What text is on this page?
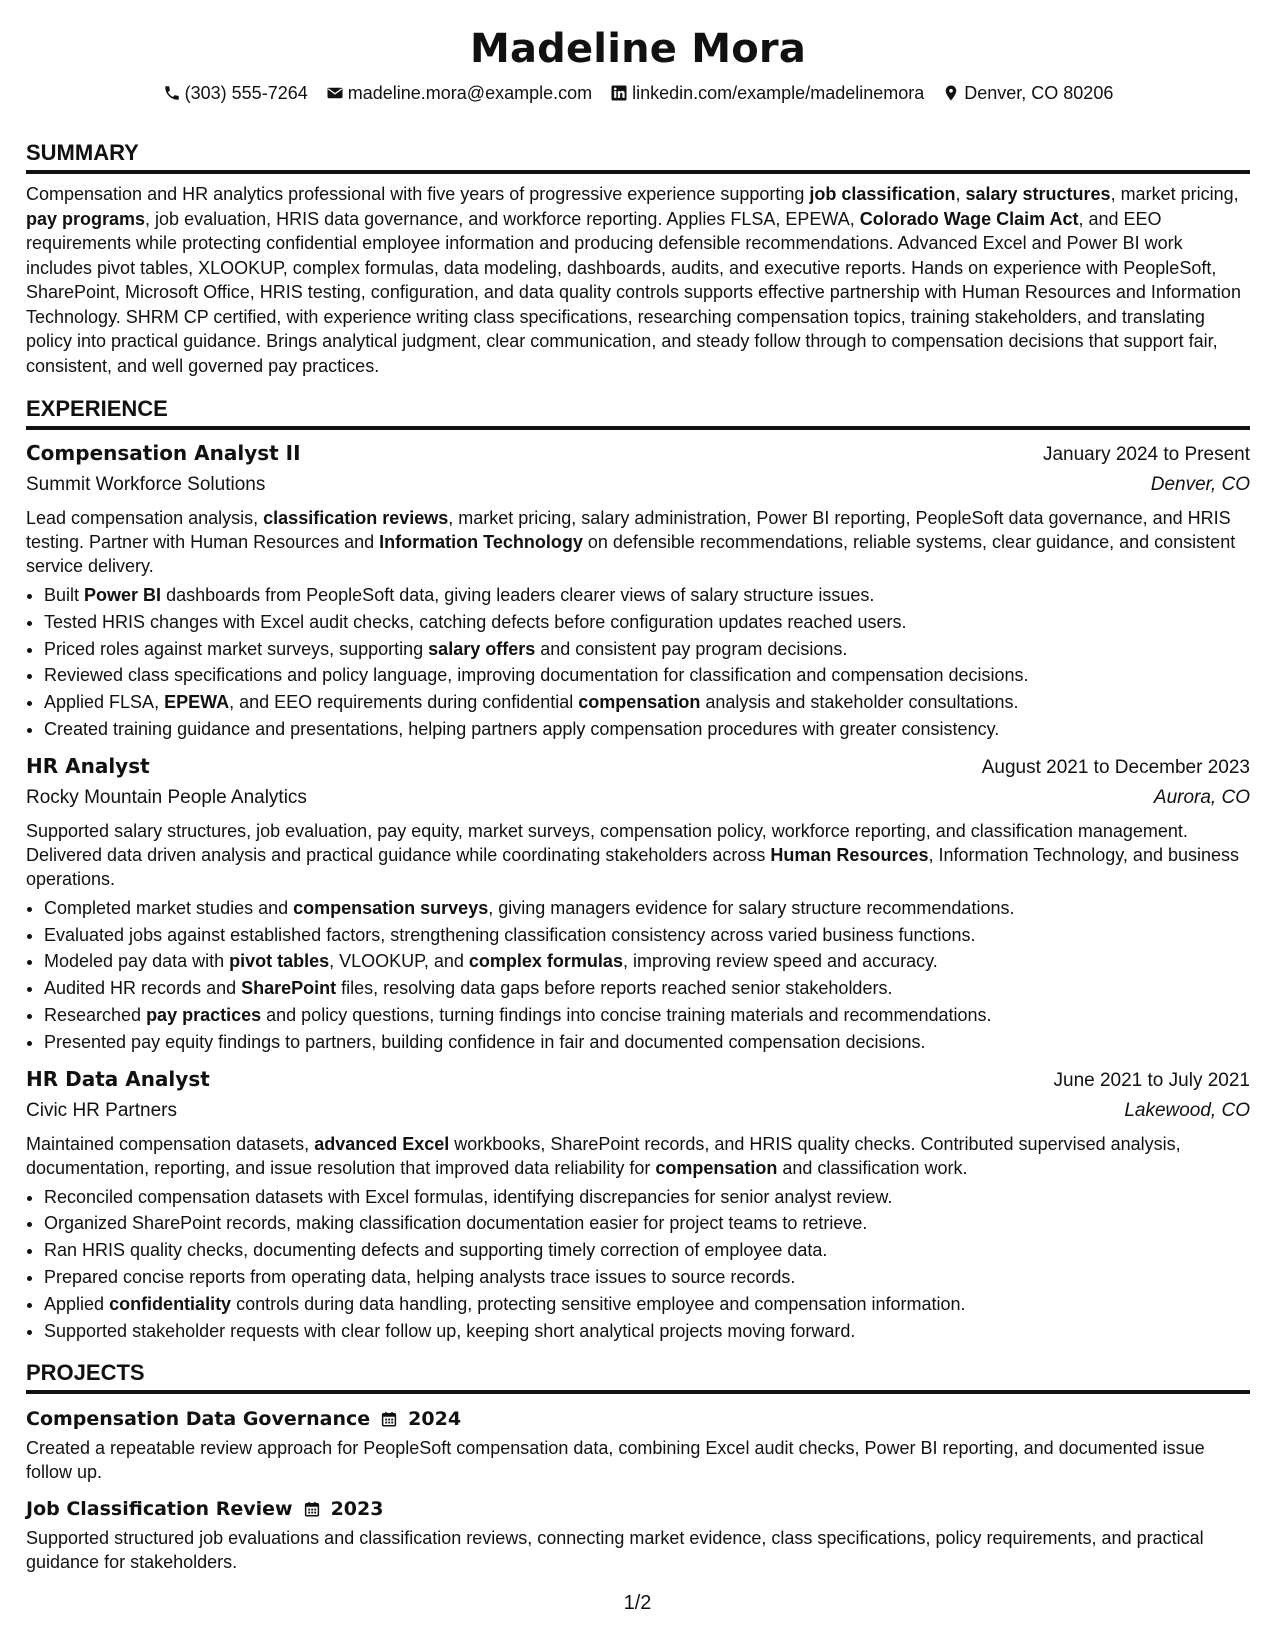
Madeline Mora
(303) 555-7264 madeline.mora@example.com linkedin.com/example/madelinemora Denver, CO 80206
SUMMARY

Compensation and HR analytics professional with five years of progressive experience supporting job classification, salary structures, market pricing, pay programs, job evaluation, HRIS data governance, and workforce reporting. Applies FLSA, EPEWA, Colorado Wage Claim Act, and EEO requirements while protecting confidential employee information and producing defensible recommendations. Advanced Excel and Power BI work includes pivot tables, XLOOKUP, complex formulas, data modeling, dashboards, audits, and executive reports. Hands on experience with PeopleSoft, SharePoint, Microsoft Office, HRIS testing, configuration, and data quality controls supports effective partnership with Human Resources and Information Technology. SHRM CP certified, with experience writing class specifications, researching compensation topics, training stakeholders, and translating policy into practical guidance. Brings analytical judgment, clear communication, and steady follow through to compensation decisions that support fair, consistent, and well governed pay practices.

EXPERIENCE
Compensation Analyst II	January 2024 to Present
Summit Workforce Solutions	Denver, CO
Lead compensation analysis, classification reviews, market pricing, salary administration, Power BI reporting, PeopleSoft data governance, and HRIS testing. Partner with Human Resources and Information Technology on defensible recommendations, reliable systems, clear guidance, and consistent service delivery.
• Built Power BI dashboards from PeopleSoft data, giving leaders clearer views of salary structure issues.
• Tested HRIS changes with Excel audit checks, catching defects before configuration updates reached users.
• Priced roles against market surveys, supporting salary offers and consistent pay program decisions.
• Reviewed class specifications and policy language, improving documentation for classification and compensation decisions.
• Applied FLSA, EPEWA, and EEO requirements during confidential compensation analysis and stakeholder consultations.
• Created training guidance and presentations, helping partners apply compensation procedures with greater consistency.
HR Analyst	August 2021 to December 2023
Rocky Mountain People Analytics	Aurora, CO
Supported salary structures, job evaluation, pay equity, market surveys, compensation policy, workforce reporting, and classification management. Delivered data driven analysis and practical guidance while coordinating stakeholders across Human Resources, Information Technology, and business operations.
• Completed market studies and compensation surveys, giving managers evidence for salary structure recommendations.
• Evaluated jobs against established factors, strengthening classification consistency across varied business functions.
• Modeled pay data with pivot tables, VLOOKUP, and complex formulas, improving review speed and accuracy.
• Audited HR records and SharePoint files, resolving data gaps before reports reached senior stakeholders.
• Researched pay practices and policy questions, turning findings into concise training materials and recommendations.
• Presented pay equity findings to partners, building confidence in fair and documented compensation decisions.
HR Data Analyst	June 2021 to July 2021
Civic HR Partners	Lakewood, CO
Maintained compensation datasets, advanced Excel workbooks, SharePoint records, and HRIS quality checks. Contributed supervised analysis, documentation, reporting, and issue resolution that improved data reliability for compensation and classification work.
• Reconciled compensation datasets with Excel formulas, identifying discrepancies for senior analyst review.
• Organized SharePoint records, making classification documentation easier for project teams to retrieve.
• Ran HRIS quality checks, documenting defects and supporting timely correction of employee data.
• Prepared concise reports from operating data, helping analysts trace issues to source records.
• Applied confidentiality controls during data handling, protecting sensitive employee and compensation information.
• Supported stakeholder requests with clear follow up, keeping short analytical projects moving forward.
PROJECTS
Compensation Data Governance 2024
Created a repeatable review approach for PeopleSoft compensation data, combining Excel audit checks, Power BI reporting, and documented issue follow up.
Job Classification Review 2023
Supported structured job evaluations and classification reviews, connecting market evidence, class specifications, policy requirements, and practical guidance for stakeholders.
1/2
